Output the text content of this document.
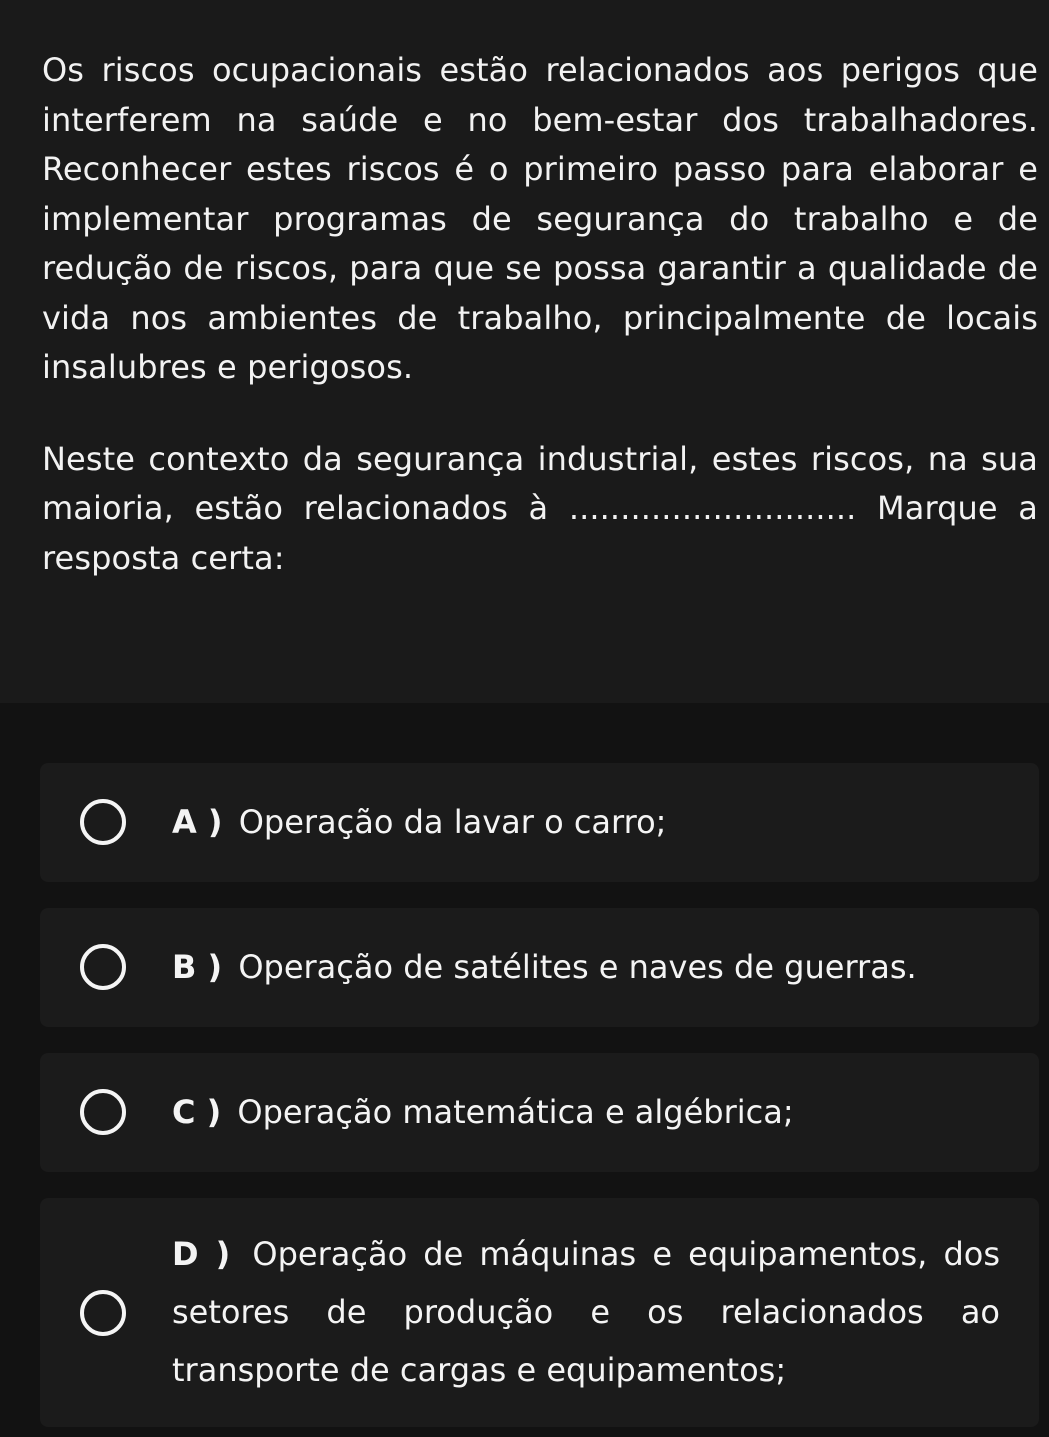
Os riscos ocupacionais estão relacionados aos perigos que interferem na saúde e no bem-estar dos trabalhadores. Reconhecer estes riscos é o primeiro passo para elaborar e implementar programas de segurança do trabalho e de redução de riscos, para que se possa garantir a qualidade de vida nos ambientes de trabalho, principalmente de locais insalubres e perigosos.

Neste contexto da segurança industrial, estes riscos, na sua maioria, estão relacionados à ............................ Marque a resposta certa:

A ) Operação da lavar o carro;
B ) Operação de satélites e naves de guerras.
C ) Operação matemática e algébrica;
D ) Operação de máquinas e equipamentos, dos setores de produção e os relacionados ao transporte de cargas e equipamentos;
